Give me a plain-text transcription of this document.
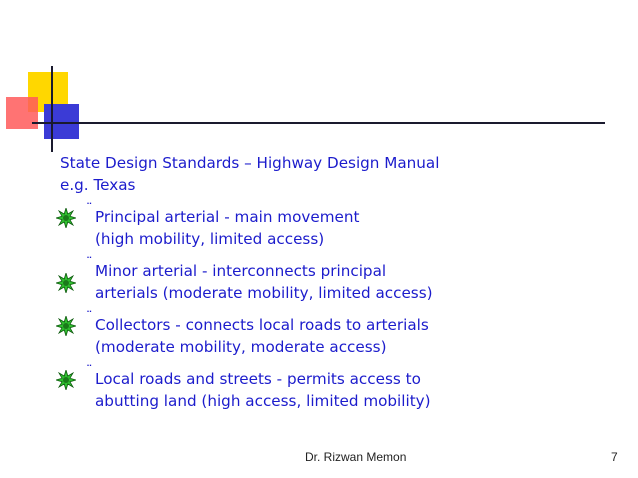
State Design Standards – Highway Design Manual
e.g. Texas

¨ Principal arterial - main movement
(high mobility, limited access)
¨ Minor arterial - interconnects principal
arterials (moderate mobility, limited access)
¨ Collectors - connects local roads to arterials
(moderate mobility, moderate access)
¨ Local roads and streets - permits access to
abutting land (high access, limited mobility)
Dr. Rizwan Memon	7
